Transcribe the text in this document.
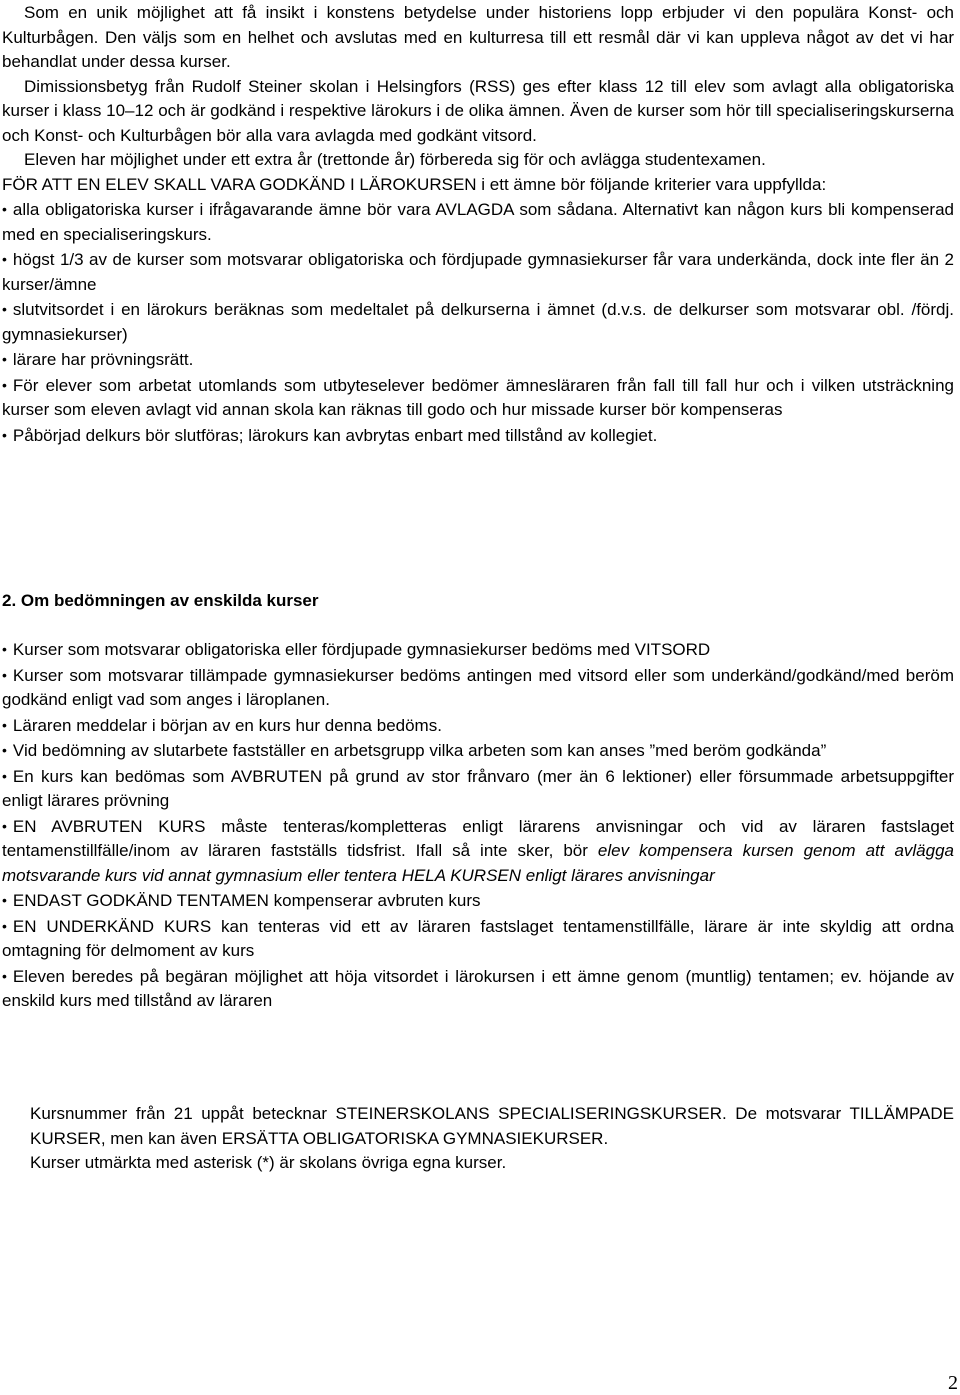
Som en unik möjlighet att få insikt i konstens betydelse under historiens lopp erbjuder vi den populära Konst- och Kulturbågen. Den väljs som en helhet och avslutas med en kulturresa till ett resmål där vi kan uppleva något av det vi har behandlat under dessa kurser.

Dimissionsbetyg från Rudolf Steiner skolan i Helsingfors (RSS) ges efter klass 12 till elev som avlagt alla obligatoriska kurser i klass 10–12 och är godkänd i respektive lärokurs i de olika ämnen. Även de kurser som hör till specialiseringskurserna och Konst- och Kulturbågen bör alla vara avlagda med godkänt vitsord.

Eleven har möjlighet under ett extra år (trettonde år) förbereda sig för och avlägga studentexamen.

FÖR ATT EN ELEV SKALL VARA GODKÄND I LÄROKURSEN i ett ämne bör följande kriterier vara uppfyllda:

• alla obligatoriska kurser i ifrågavarande ämne bör vara AVLAGDA som sådana. Alternativt kan någon kurs bli kompenserad med en specialiseringskurs.

• högst 1/3 av de kurser som motsvarar obligatoriska och fördjupade gymnasiekurser får vara underkända, dock inte fler än 2 kurser/ämne

• slutvitsordet i en lärokurs beräknas som medeltalet på delkurserna i ämnet (d.v.s. de delkurser som motsvarar obl. /fördj. gymnasiekurser)

• lärare har prövningsrätt.

• För elever som arbetat utomlands som utbyteselever bedömer ämnesläraren från fall till fall hur och i vilken utsträckning kurser som eleven avlagt vid annan skola kan räknas till godo och hur missade kurser bör kompenseras

• Påbörjad delkurs bör slutföras; lärokurs kan avbrytas enbart med tillstånd av kollegiet.

2. Om bedömningen av enskilda kurser

• Kurser som motsvarar obligatoriska eller fördjupade gymnasiekurser bedöms med VITSORD

• Kurser som motsvarar tillämpade gymnasiekurser bedöms antingen med vitsord eller som underkänd/godkänd/med beröm godkänd enligt vad som anges i läroplanen.

• Läraren meddelar i början av en kurs hur denna bedöms.

• Vid bedömning av slutarbete fastställer en arbetsgrupp vilka arbeten som kan anses ”med beröm godkända”

• En kurs kan bedömas som AVBRUTEN på grund av stor frånvaro (mer än 6 lektioner) eller försummade arbetsuppgifter enligt lärares prövning

• EN AVBRUTEN KURS måste tenteras/kompletteras enligt lärarens anvisningar och vid av läraren fastslaget tentamenstillfälle/inom av läraren fastställs tidsfrist. Ifall så inte sker, bör elev kompensera kursen genom att avlägga motsvarande kurs vid annat gymnasium eller tentera HELA KURSEN enligt lärares anvisningar

• ENDAST GODKÄND TENTAMEN kompenserar avbruten kurs

• EN UNDERKÄND KURS kan tenteras vid ett av läraren fastslaget tentamenstillfälle, lärare är inte skyldig att ordna omtagning för delmoment av kurs

• Eleven beredes på begäran möjlighet att höja vitsordet i lärokursen i ett ämne genom (muntlig) tentamen; ev. höjande av enskild kurs med tillstånd av läraren

Kursnummer från 21 uppåt betecknar STEINERSKOLANS SPECIALISERINGSKURSER. De motsvarar TILLÄMPADE KURSER, men kan även ERSÄTTA OBLIGATORISKA GYMNASIEKURSER.

Kurser utmärkta med asterisk (*) är skolans övriga egna kurser.

2
